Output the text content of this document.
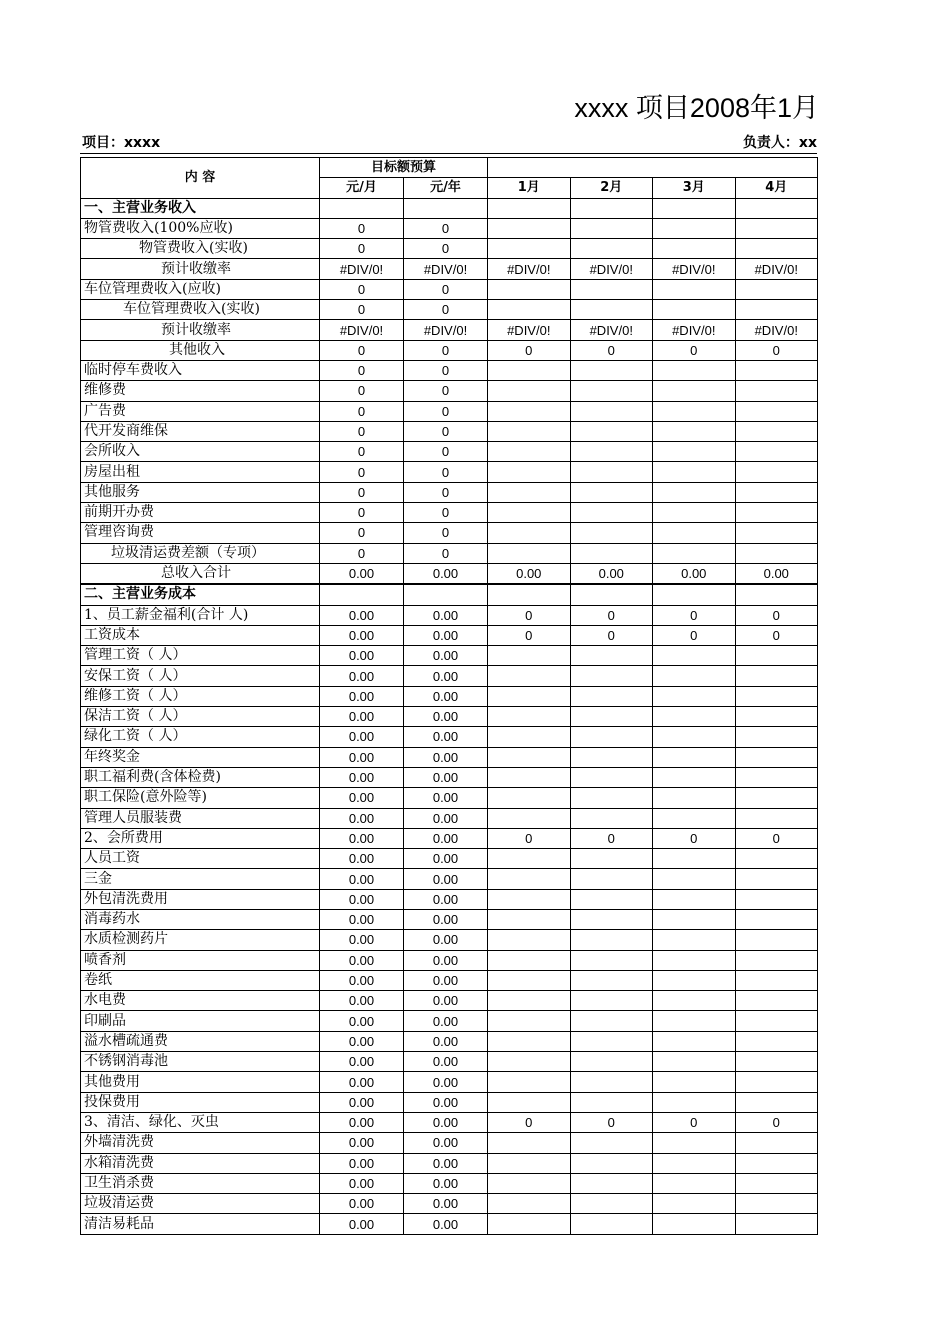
xxxx 项目2008年1月
项目：xxxx	负责人：xx
内 容	目标额预算					
	元/月	元/年	1月	2月	3月	4月
一、主营业务收入						
物管费收入(100%应收)	0	0				
物管费收入(实收)	0	0				
预计收缴率	#DIV/0!	#DIV/0!	#DIV/0!	#DIV/0!	#DIV/0!	#DIV/0!
车位管理费收入(应收)	0	0				
车位管理费收入(实收)	0	0				
预计收缴率	#DIV/0!	#DIV/0!	#DIV/0!	#DIV/0!	#DIV/0!	#DIV/0!
其他收入	0	0	0	0	0	0
临时停车费收入	0	0				
维修费	0	0				
广告费	0	0				
代开发商维保	0	0				
会所收入	0	0				
房屋出租	0	0				
其他服务	0	0				
前期开办费	0	0				
管理咨询费	0	0				
垃圾清运费差额（专项）	0	0				
总收入合计	0.00	0.00	0.00	0.00	0.00	0.00
二、主营业务成本						
1、员工薪金福利(合计 人)	0.00	0.00	0	0	0	0
工资成本	0.00	0.00	0	0	0	0
管理工资（ 人）	0.00	0.00				
安保工资（ 人）	0.00	0.00				
维修工资（ 人）	0.00	0.00				
保洁工资（ 人）	0.00	0.00				
绿化工资（ 人）	0.00	0.00				
年终奖金	0.00	0.00				
职工福利费(含体检费)	0.00	0.00				
职工保险(意外险等)	0.00	0.00				
管理人员服装费	0.00	0.00				
2、会所费用	0.00	0.00	0	0	0	0
人员工资	0.00	0.00				
三金	0.00	0.00				
外包清洗费用	0.00	0.00				
消毒药水	0.00	0.00				
水质检测药片	0.00	0.00				
喷香剂	0.00	0.00				
卷纸	0.00	0.00				
水电费	0.00	0.00				
印刷品	0.00	0.00				
溢水槽疏通费	0.00	0.00				
不锈钢消毒池	0.00	0.00				
其他费用	0.00	0.00				
投保费用	0.00	0.00				
3、清洁、绿化、灭虫	0.00	0.00	0	0	0	0
外墙清洗费	0.00	0.00				
水箱清洗费	0.00	0.00				
卫生消杀费	0.00	0.00				
垃圾清运费	0.00	0.00				
清洁易耗品	0.00	0.00				
